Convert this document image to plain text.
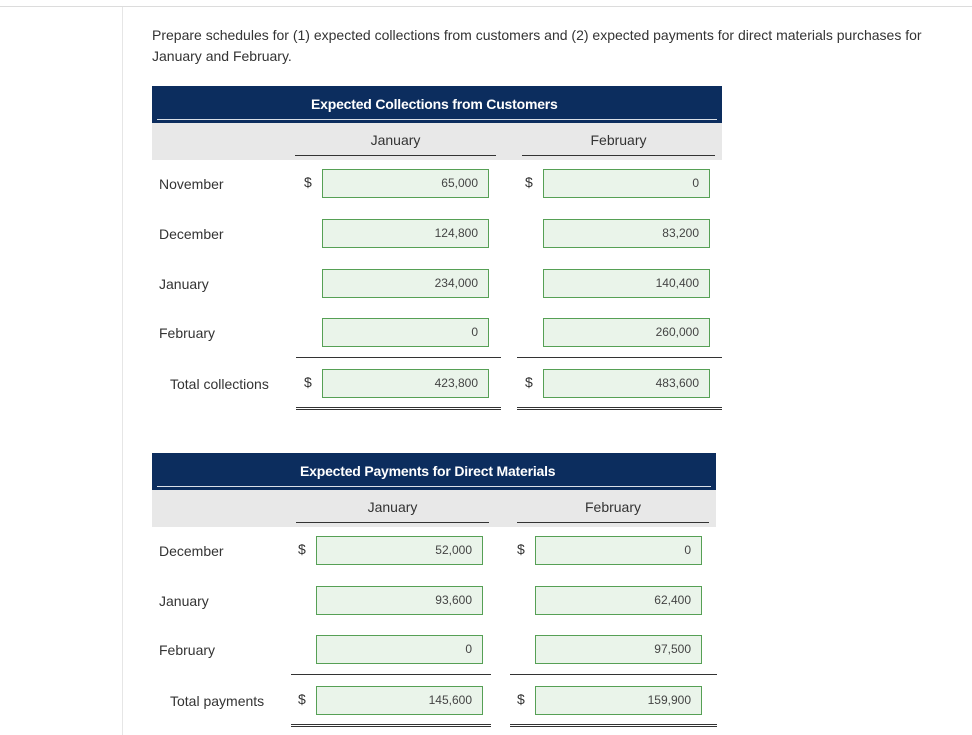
Prepare schedules for (1) expected collections from customers and (2) expected payments for direct materials purchases for January and February.
Expected Collections from Customers
January	February
November	$	65,000	$	0
December	124,800	83,200
January	234,000	140,400
February	0	260,000
Total collections	$	423,800	$	483,600
Expected Payments for Direct Materials
January	February
December	$	52,000	$	0
January	93,600	62,400
February	0	97,500
Total payments $	145,600	$	159,900
